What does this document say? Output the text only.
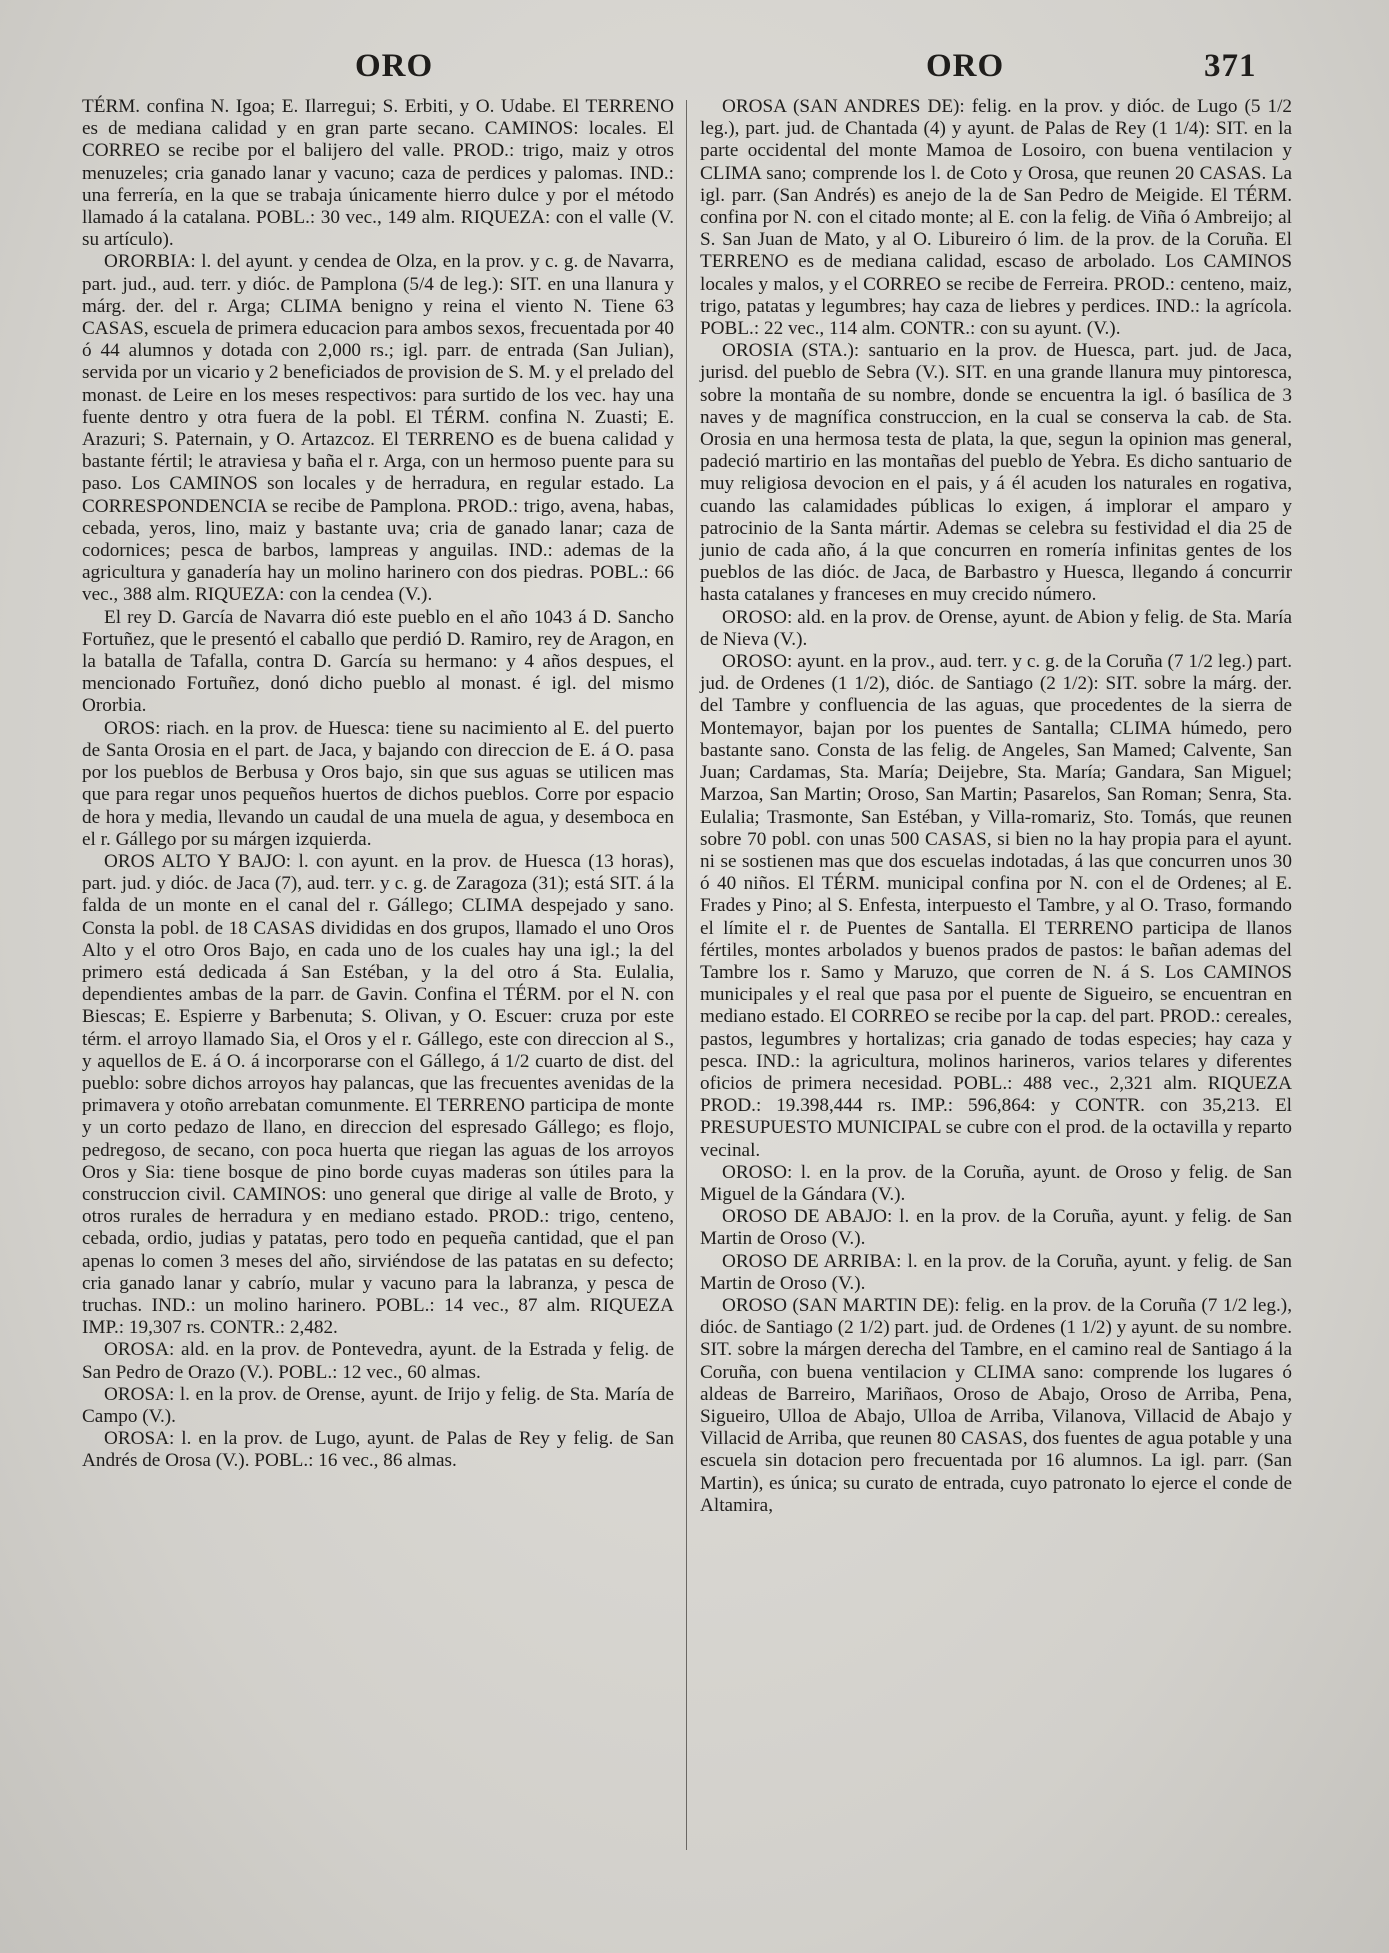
ORO	ORO	371

TÉRM. confina N. Igoa; E. Ilarregui; S. Erbiti, y O. Udabe. El TERRENO es de mediana calidad y en gran parte secano. CAMINOS: locales. El CORREO se recibe por el balijero del valle. PROD.: trigo, maiz y otros menuzeles; cria ganado lanar y vacuno; caza de perdices y palomas. IND.: una ferrería, en la que se trabaja únicamente hierro dulce y por el método llamado á la catalana. POBL.: 30 vec., 149 alm. RIQUEZA: con el valle (V. su artículo).

ORORBIA: l. del ayunt. y cendea de Olza, en la prov. y c. g. de Navarra, part. jud., aud. terr. y dióc. de Pamplona (5/4 de leg.): SIT. en una llanura y márg. der. del r. Arga; CLIMA benigno y reina el viento N. Tiene 63 CASAS, escuela de primera educacion para ambos sexos, frecuentada por 40 ó 44 alumnos y dotada con 2,000 rs.; igl. parr. de entrada (San Julian), servida por un vicario y 2 beneficiados de provision de S. M. y el prelado del monast. de Leire en los meses respectivos: para surtido de los vec. hay una fuente dentro y otra fuera de la pobl. El TÉRM. confina N. Zuasti; E. Arazuri; S. Paternain, y O. Artazcoz. El TERRENO es de buena calidad y bastante fértil; le atraviesa y baña el r. Arga, con un hermoso puente para su paso. Los CAMINOS son locales y de herradura, en regular estado. La CORRESPONDENCIA se recibe de Pamplona. PROD.: trigo, avena, habas, cebada, yeros, lino, maiz y bastante uva; cria de ganado lanar; caza de codornices; pesca de barbos, lampreas y anguilas. IND.: ademas de la agricultura y ganadería hay un molino harinero con dos piedras. POBL.: 66 vec., 388 alm. RIQUEZA: con la cendea (V.).

El rey D. García de Navarra dió este pueblo en el año 1043 á D. Sancho Fortuñez, que le presentó el caballo que perdió D. Ramiro, rey de Aragon, en la batalla de Tafalla, contra D. García su hermano: y 4 años despues, el mencionado Fortuñez, donó dicho pueblo al monast. é igl. del mismo Ororbia.

OROS: riach. en la prov. de Huesca: tiene su nacimiento al E. del puerto de Santa Orosia en el part. de Jaca, y bajando con direccion de E. á O. pasa por los pueblos de Berbusa y Oros bajo, sin que sus aguas se utilicen mas que para regar unos pequeños huertos de dichos pueblos. Corre por espacio de hora y media, llevando un caudal de una muela de agua, y desemboca en el r. Gállego por su márgen izquierda.

OROS ALTO Y BAJO: l. con ayunt. en la prov. de Huesca (13 horas), part. jud. y dióc. de Jaca (7), aud. terr. y c. g. de Zaragoza (31); está SIT. á la falda de un monte en el canal del r. Gállego; CLIMA despejado y sano. Consta la pobl. de 18 CASAS divididas en dos grupos, llamado el uno Oros Alto y el otro Oros Bajo, en cada uno de los cuales hay una igl.; la del primero está dedicada á San Estéban, y la del otro á Sta. Eulalia, dependientes ambas de la parr. de Gavin. Confina el TÉRM. por el N. con Biescas; E. Espierre y Barbenuta; S. Olivan, y O. Escuer: cruza por este térm. el arroyo llamado Sia, el Oros y el r. Gállego, este con direccion al S., y aquellos de E. á O. á incorporarse con el Gállego, á 1/2 cuarto de dist. del pueblo: sobre dichos arroyos hay palancas, que las frecuentes avenidas de la primavera y otoño arrebatan comunmente. El TERRENO participa de monte y un corto pedazo de llano, en direccion del espresado Gállego; es flojo, pedregoso, de secano, con poca huerta que riegan las aguas de los arroyos Oros y Sia: tiene bosque de pino borde cuyas maderas son útiles para la construccion civil. CAMINOS: uno general que dirige al valle de Broto, y otros rurales de herradura y en mediano estado. PROD.: trigo, centeno, cebada, ordio, judias y patatas, pero todo en pequeña cantidad, que el pan apenas lo comen 3 meses del año, sirviéndose de las patatas en su defecto; cria ganado lanar y cabrío, mular y vacuno para la labranza, y pesca de truchas. IND.: un molino harinero. POBL.: 14 vec., 87 alm. RIQUEZA IMP.: 19,307 rs. CONTR.: 2,482.

OROSA: ald. en la prov. de Pontevedra, ayunt. de la Estrada y felig. de San Pedro de Orazo (V.). POBL.: 12 vec., 60 almas.

OROSA: l. en la prov. de Orense, ayunt. de Irijo y felig. de Sta. María de Campo (V.).

OROSA: l. en la prov. de Lugo, ayunt. de Palas de Rey y felig. de San Andrés de Orosa (V.). POBL.: 16 vec., 86 almas.

OROSA (SAN ANDRES DE): felig. en la prov. y dióc. de Lugo (5 1/2 leg.), part. jud. de Chantada (4) y ayunt. de Palas de Rey (1 1/4): SIT. en la parte occidental del monte Mamoa de Losoiro, con buena ventilacion y CLIMA sano; comprende los l. de Coto y Orosa, que reunen 20 CASAS. La igl. parr. (San Andrés) es anejo de la de San Pedro de Meigide. El TÉRM. confina por N. con el citado monte; al E. con la felig. de Viña ó Ambreijo; al S. San Juan de Mato, y al O. Libureiro ó lim. de la prov. de la Coruña. El TERRENO es de mediana calidad, escaso de arbolado. Los CAMINOS locales y malos, y el CORREO se recibe de Ferreira. PROD.: centeno, maiz, trigo, patatas y legumbres; hay caza de liebres y perdices. IND.: la agrícola. POBL.: 22 vec., 114 alm. CONTR.: con su ayunt. (V.).

OROSIA (STA.): santuario en la prov. de Huesca, part. jud. de Jaca, jurisd. del pueblo de Sebra (V.). SIT. en una grande llanura muy pintoresca, sobre la montaña de su nombre, donde se encuentra la igl. ó basílica de 3 naves y de magnífica construccion, en la cual se conserva la cab. de Sta. Orosia en una hermosa testa de plata, la que, segun la opinion mas general, padeció martirio en las montañas del pueblo de Yebra. Es dicho santuario de muy religiosa devocion en el pais, y á él acuden los naturales en rogativa, cuando las calamidades públicas lo exigen, á implorar el amparo y patrocinio de la Santa mártir. Ademas se celebra su festividad el dia 25 de junio de cada año, á la que concurren en romería infinitas gentes de los pueblos de las dióc. de Jaca, de Barbastro y Huesca, llegando á concurrir hasta catalanes y franceses en muy crecido número.

OROSO: ald. en la prov. de Orense, ayunt. de Abion y felig. de Sta. María de Nieva (V.).

OROSO: ayunt. en la prov., aud. terr. y c. g. de la Coruña (7 1/2 leg.) part. jud. de Ordenes (1 1/2), dióc. de Santiago (2 1/2): SIT. sobre la márg. der. del Tambre y confluencia de las aguas, que procedentes de la sierra de Montemayor, bajan por los puentes de Santalla; CLIMA húmedo, pero bastante sano. Consta de las felig. de Angeles, San Mamed; Calvente, San Juan; Cardamas, Sta. María; Deijebre, Sta. María; Gandara, San Miguel; Marzoa, San Martin; Oroso, San Martin; Pasarelos, San Roman; Senra, Sta. Eulalia; Trasmonte, San Estéban, y Villa-romariz, Sto. Tomás, que reunen sobre 70 pobl. con unas 500 CASAS, si bien no la hay propia para el ayunt. ni se sostienen mas que dos escuelas indotadas, á las que concurren unos 30 ó 40 niños. El TÉRM. municipal confina por N. con el de Ordenes; al E. Frades y Pino; al S. Enfesta, interpuesto el Tambre, y al O. Traso, formando el límite el r. de Puentes de Santalla. El TERRENO participa de llanos fértiles, montes arbolados y buenos prados de pastos: le bañan ademas del Tambre los r. Samo y Maruzo, que corren de N. á S. Los CAMINOS municipales y el real que pasa por el puente de Sigueiro, se encuentran en mediano estado. El CORREO se recibe por la cap. del part. PROD.: cereales, pastos, legumbres y hortalizas; cria ganado de todas especies; hay caza y pesca. IND.: la agricultura, molinos harineros, varios telares y diferentes oficios de primera necesidad. POBL.: 488 vec., 2,321 alm. RIQUEZA PROD.: 19.398,444 rs. IMP.: 596,864: y CONTR. con 35,213. El PRESUPUESTO MUNICIPAL se cubre con el prod. de la octavilla y reparto vecinal.

OROSO: l. en la prov. de la Coruña, ayunt. de Oroso y felig. de San Miguel de la Gándara (V.).

OROSO DE ABAJO: l. en la prov. de la Coruña, ayunt. y felig. de San Martin de Oroso (V.).

OROSO DE ARRIBA: l. en la prov. de la Coruña, ayunt. y felig. de San Martin de Oroso (V.).

OROSO (SAN MARTIN DE): felig. en la prov. de la Coruña (7 1/2 leg.), dióc. de Santiago (2 1/2) part. jud. de Ordenes (1 1/2) y ayunt. de su nombre. SIT. sobre la márgen derecha del Tambre, en el camino real de Santiago á la Coruña, con buena ventilacion y CLIMA sano: comprende los lugares ó aldeas de Barreiro, Mariñaos, Oroso de Abajo, Oroso de Arriba, Pena, Sigueiro, Ulloa de Abajo, Ulloa de Arriba, Vilanova, Villacid de Abajo y Villacid de Arriba, que reunen 80 CASAS, dos fuentes de agua potable y una escuela sin dotacion pero frecuentada por 16 alumnos. La igl. parr. (San Martin), es única; su curato de entrada, cuyo patronato lo ejerce el conde de Altamira,
